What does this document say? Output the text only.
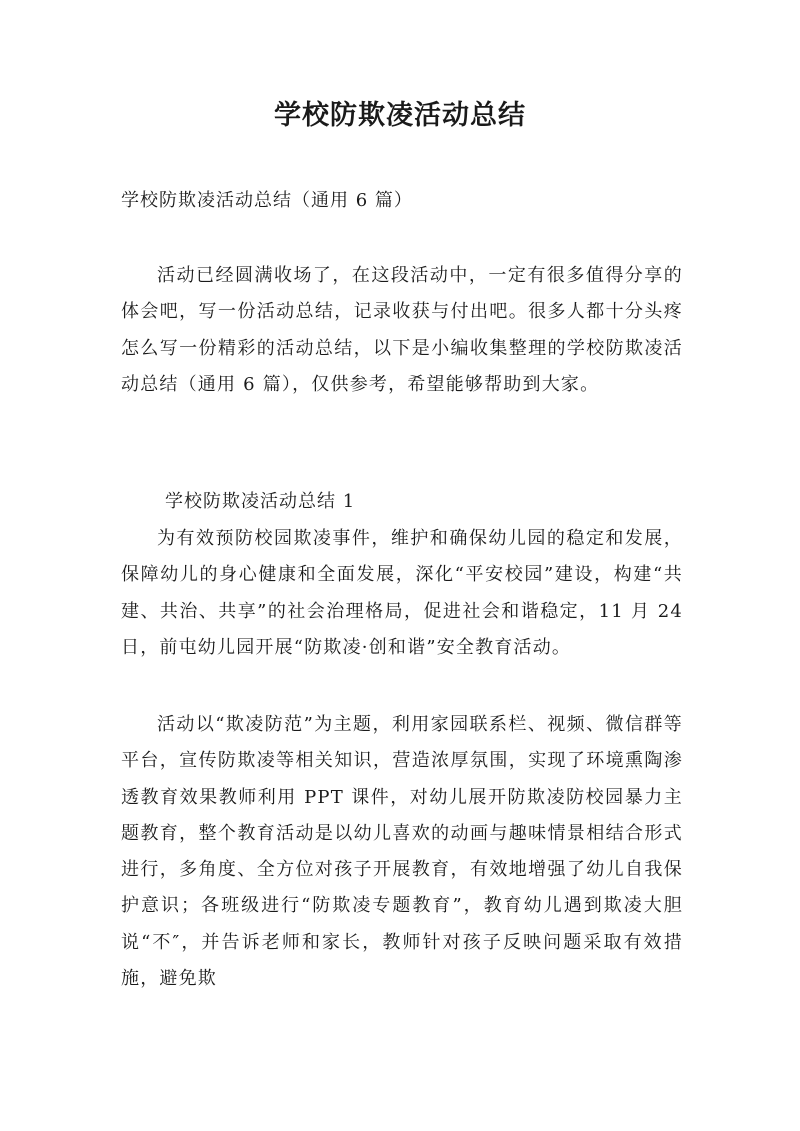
学校防欺凌活动总结
学校防欺凌活动总结（通用 6 篇）
活动已经圆满收场了，在这段活动中，一定有很多值得分享的体会吧，写一份活动总结，记录收获与付出吧。很多人都十分头疼怎么写一份精彩的活动总结，以下是小编收集整理的学校防欺凌活动总结（通用 6 篇），仅供参考，希望能够帮助到大家。
学校防欺凌活动总结 1
为有效预防校园欺凌事件，维护和确保幼儿园的稳定和发展，保障幼儿的身心健康和全面发展，深化“平安校园”建设，构建“共建、共治、共享”的社会治理格局，促进社会和谐稳定，11 月 24 日，前屯幼儿园开展“防欺凌·创和谐”安全教育活动。
活动以“欺凌防范”为主题，利用家园联系栏、视频、微信群等平台，宣传防欺凌等相关知识，营造浓厚氛围，实现了环境熏陶渗透教育效果教师利用 PPT 课件，对幼儿展开防欺凌防校园暴力主题教育，整个教育活动是以幼儿喜欢的动画与趣味情景相结合形式进行，多角度、全方位对孩子开展教育，有效地增强了幼儿自我保护意识；各班级进行“防欺凌专题教育”，教育幼儿遇到欺凌大胆说“不″，并告诉老师和家长，教师针对孩子反映问题采取有效措施，避免欺
